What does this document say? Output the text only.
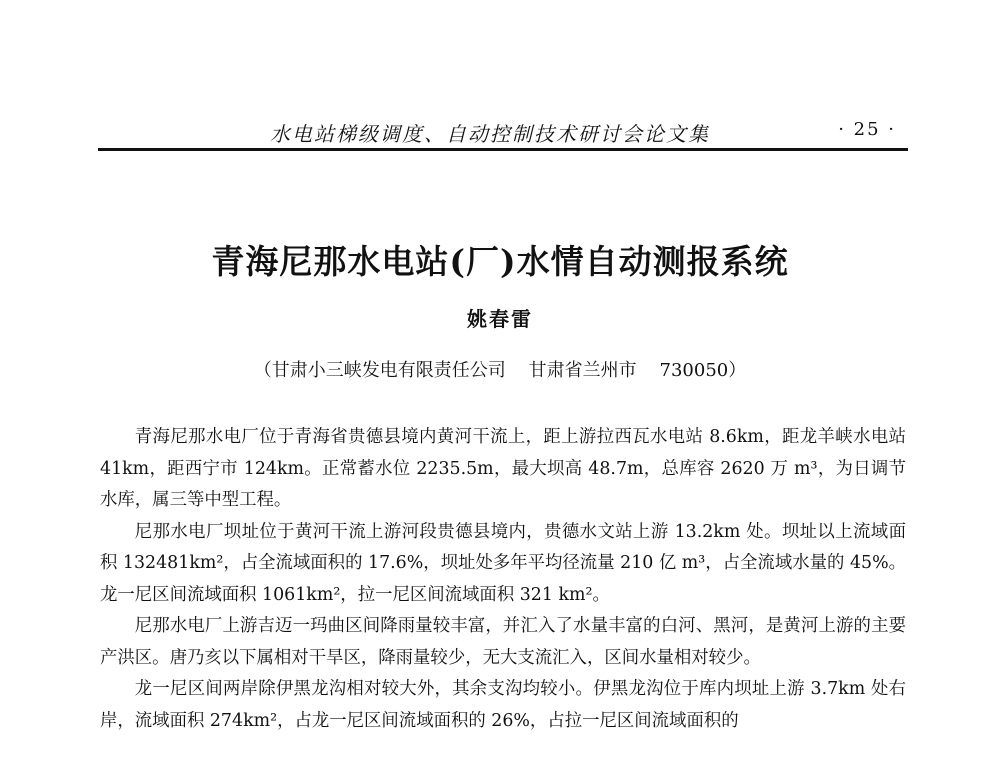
水电站梯级调度、自动控制技术研讨会论文集	· 25 ·
青海尼那水电站(厂)水情自动测报系统
姚春雷
（甘肃小三峡发电有限责任公司    甘肃省兰州市    730050）

青海尼那水电厂位于青海省贵德县境内黄河干流上，距上游拉西瓦水电站 8.6km，距龙羊峡水电站 41km，距西宁市 124km。正常蓄水位 2235.5m，最大坝高 48.7m，总库容 2620 万 m³，为日调节水库，属三等中型工程。

尼那水电厂坝址位于黄河干流上游河段贵德县境内，贵德水文站上游 13.2km 处。坝址以上流域面积 132481km²，占全流域面积的 17.6%，坝址处多年平均径流量 210 亿 m³，占全流域水量的 45%。龙一尼区间流域面积 1061km²，拉一尼区间流域面积 321 km²。

尼那水电厂上游吉迈一玛曲区间降雨量较丰富，并汇入了水量丰富的白河、黑河，是黄河上游的主要产洪区。唐乃亥以下属相对干旱区，降雨量较少，无大支流汇入，区间水量相对较少。

龙一尼区间两岸除伊黑龙沟相对较大外，其余支沟均较小。伊黑龙沟位于库内坝址上游 3.7km 处右岸，流域面积 274km²，占龙一尼区间流域面积的 26%，占拉一尼区间流域面积的
